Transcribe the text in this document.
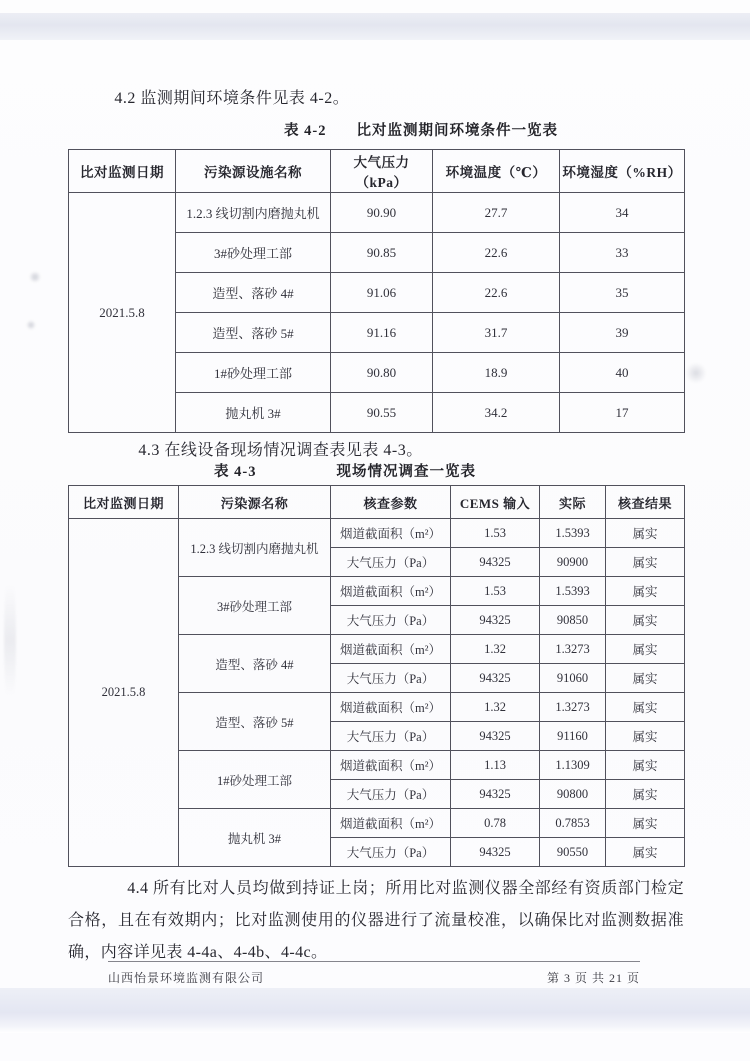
4.2 监测期间环境条件见表 4-2。
表 4-2 比对监测期间环境条件一览表
比对监测日期	污染源设施名称	大气压力（kPa）	环境温度（℃）	环境湿度（%RH）
2021.5.8	1.2.3 线切割内磨抛丸机	90.90	27.7	34
	3#砂处理工部	90.85	22.6	33
	造型、落砂 4#	91.06	22.6	35
	造型、落砂 5#	91.16	31.7	39
	1#砂处理工部	90.80	18.9	40
	抛丸机 3#	90.55	34.2	17
4.3 在线设备现场情况调查表见表 4-3。
表 4-3	现场情况调查一览表
比对监测日期	污染源名称	核查参数	CEMS 输入	实际	核查结果
2021.5.8	1.2.3 线切割内磨抛丸机	烟道截面积（m²）	1.53	1.5393	属实
		大气压力（Pa）	94325	90900	属实
	3#砂处理工部	烟道截面积（m²）	1.53	1.5393	属实
		大气压力（Pa）	94325	90850	属实
	造型、落砂 4#	烟道截面积（m²）	1.32	1.3273	属实
		大气压力（Pa）	94325	91060	属实
	造型、落砂 5#	烟道截面积（m²）	1.32	1.3273	属实
		大气压力（Pa）	94325	91160	属实
	1#砂处理工部	烟道截面积（m²）	1.13	1.1309	属实
		大气压力（Pa）	94325	90800	属实
	抛丸机 3#	烟道截面积（m²）	0.78	0.7853	属实
		大气压力（Pa）	94325	90550	属实
4.4 所有比对人员均做到持证上岗；所用比对监测仪器全部经有资质部门检定合格，且在有效期内；比对监测使用的仪器进行了流量校准，以确保比对监测数据准确，内容详见表 4-4a、4-4b、4-4c。
山西怡景环境监测有限公司	第 3 页 共 21 页
